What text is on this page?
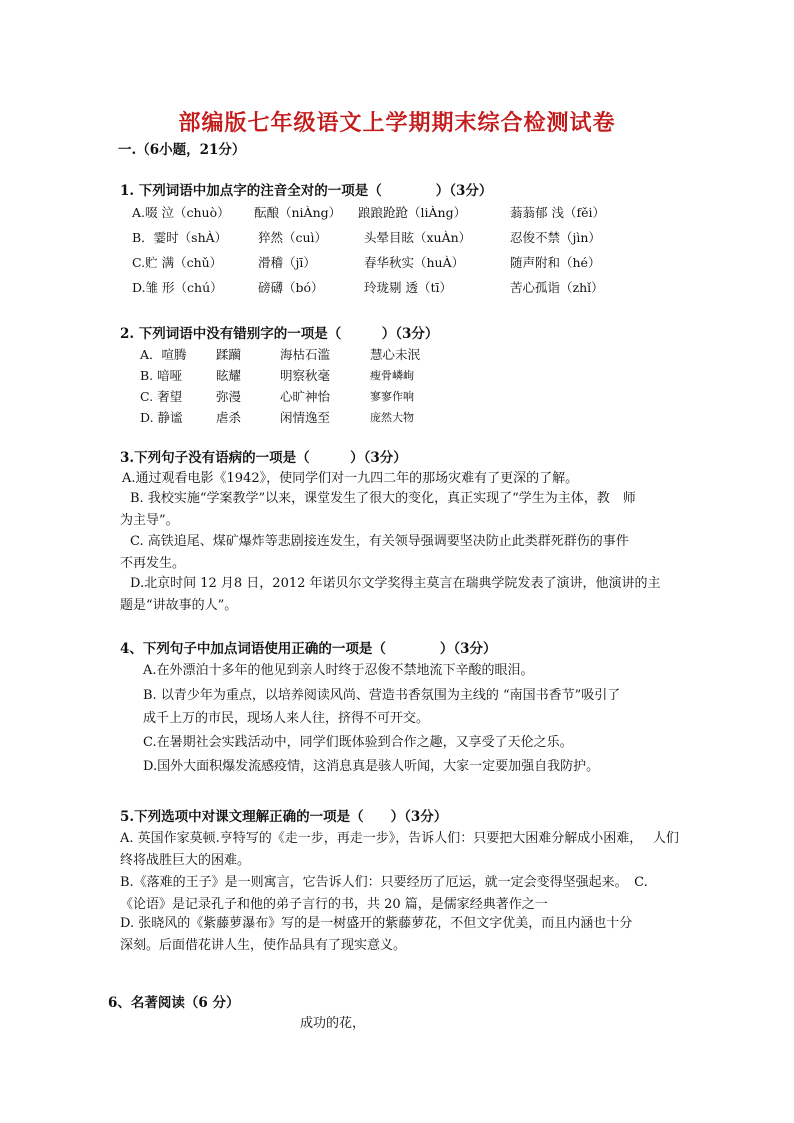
部编版七年级语文上学期期末综合检测试卷
一.（6小题，21分）
1. 下列词语中加点字的注音全对的一项是（　　　　）（3分）
A.啜 泣（chuò） 酝酿（niÀng） 踉踉跄跄（liÀng）	蓊蓊郁 浅（fěi）
B．霎时（shÀ） 猝然（cuì）	头晕目眩（xuÀn）	忍俊不禁（jìn）
C.贮 满（chǔ）	滑稽（jī）	春华秋实（huÀ）	随声附和（hé）
D.雏 形（chú）	磅礴（bó）	玲珑剔 透（tī）	苦心孤诣（zhǐ）
2. 下列词语中没有错别字的一项是（　　　）（3分）
A．喧腾 蹂躏	海枯石滥	慧心未泯
B. 喑哑	眩耀	明察秋毫	瘦骨嶙峋
C. 奢望	弥漫	心旷神怡	寥寥作响
D. 静谧	虐杀	闲情逸至	庞然大物
3.下列句子没有语病的一项是（　　　）（3分）
A.通过观看电影《1942》，使同学们对一九四二年的那场灾难有了更深的了解。
B. 我校实施“学案教学”以来，课堂发生了很大的变化，真正实现了“学生为主体，教　师
为主导”。
C. 高铁追尾、煤矿爆炸等悲剧接连发生，有关领导强调要坚决防止此类群死群伤的事件
不再发生。
D.北京时间 12 月8 日，2012 年诺贝尔文学奖得主莫言在瑞典学院发表了演讲，他演讲的主
题是“讲故事的人”。
4、下列句子中加点词语使用正确的一项是（　　　　）（3分）
A.在外漂泊十多年的他见到亲人时终于忍俊不禁地流下辛酸的眼泪。
B. 以青少年为重点，以培养阅读风尚、营造书香氛围为主线的 “南国书香节”吸引了
成千上万的市民，现场人来人往，挤得不可开交。
C.在暑期社会实践活动中，同学们既体验到合作之趣，又享受了天伦之乐。
D.国外大面积爆发流感疫情，这消息真是骇人听闻，大家一定要加强自我防护。
5.下列选项中对课文理解正确的一项是（　　）（3分）
A. 英国作家莫顿.亨特写的《走一步，再走一步》，告诉人们：只要把大困难分解成小困难，　 人们
终将战胜巨大的困难。
B.《落难的王子》是一则寓言，它告诉人们：只要经历了厄运，就一定会变得坚强起来。　C.
《论语》是记录孔子和他的弟子言行的书，共 20 篇，是儒家经典著作之一
D. 张晓风的《紫藤萝瀑布》写的是一树盛开的紫藤萝花，不但文字优美，而且内涵也十分
深刻。后面借花讲人生，使作品具有了现实意义。
6、名著阅读（6 分）
成功的花，
